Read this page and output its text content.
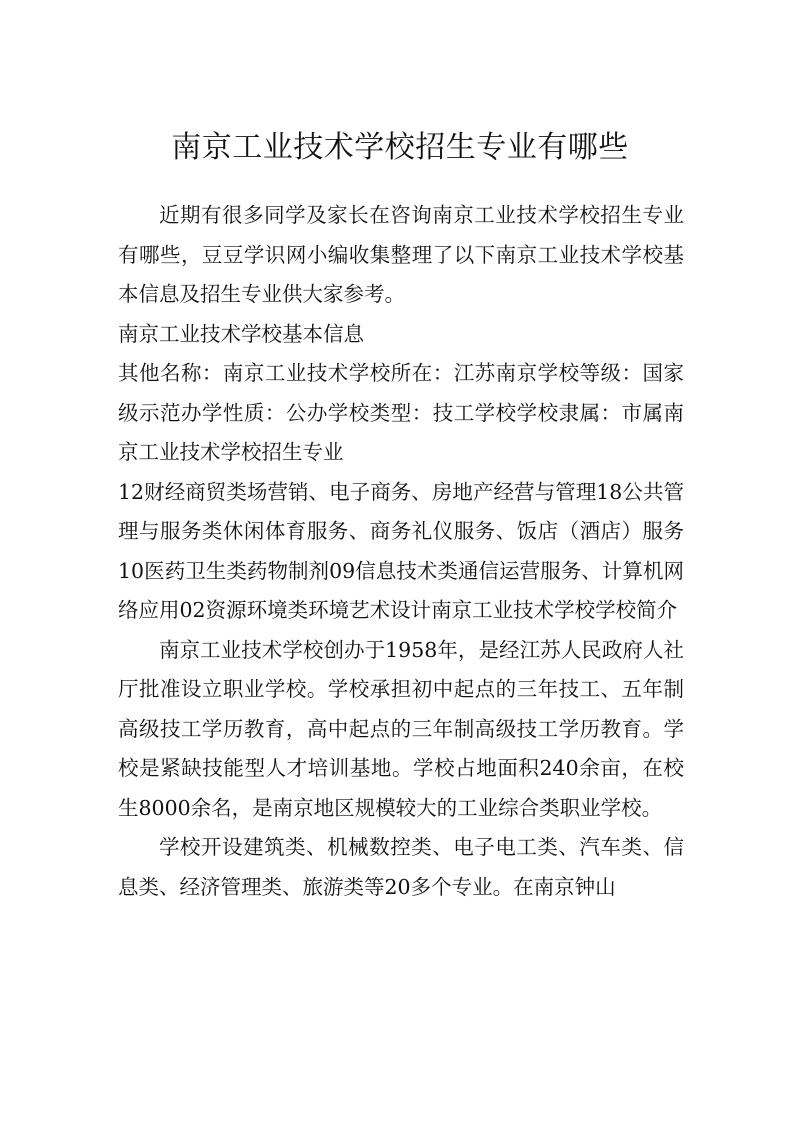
南京工业技术学校招生专业有哪些

近期有很多同学及家长在咨询南京工业技术学校招生专业有哪些，豆豆学识网小编收集整理了以下南京工业技术学校基本信息及招生专业供大家参考。

南京工业技术学校基本信息

其他名称：南京工业技术学校所在：江苏南京学校等级：国家级示范办学性质：公办学校类型：技工学校学校隶属：市属南京工业技术学校招生专业

12财经商贸类场营销、电子商务、房地产经营与管理18公共管理与服务类休闲体育服务、商务礼仪服务、饭店（酒店）服务10医药卫生类药物制剂09信息技术类通信运营服务、计算机网络应用02资源环境类环境艺术设计南京工业技术学校学校简介

南京工业技术学校创办于1958年，是经江苏人民政府人社厅批准设立职业学校。学校承担初中起点的三年技工、五年制高级技工学历教育，高中起点的三年制高级技工学历教育。学校是紧缺技能型人才培训基地。学校占地面积240余亩，在校生8000余名，是南京地区规模较大的工业综合类职业学校。

学校开设建筑类、机械数控类、电子电工类、汽车类、信息类、经济管理类、旅游类等20多个专业。在南京钟山
